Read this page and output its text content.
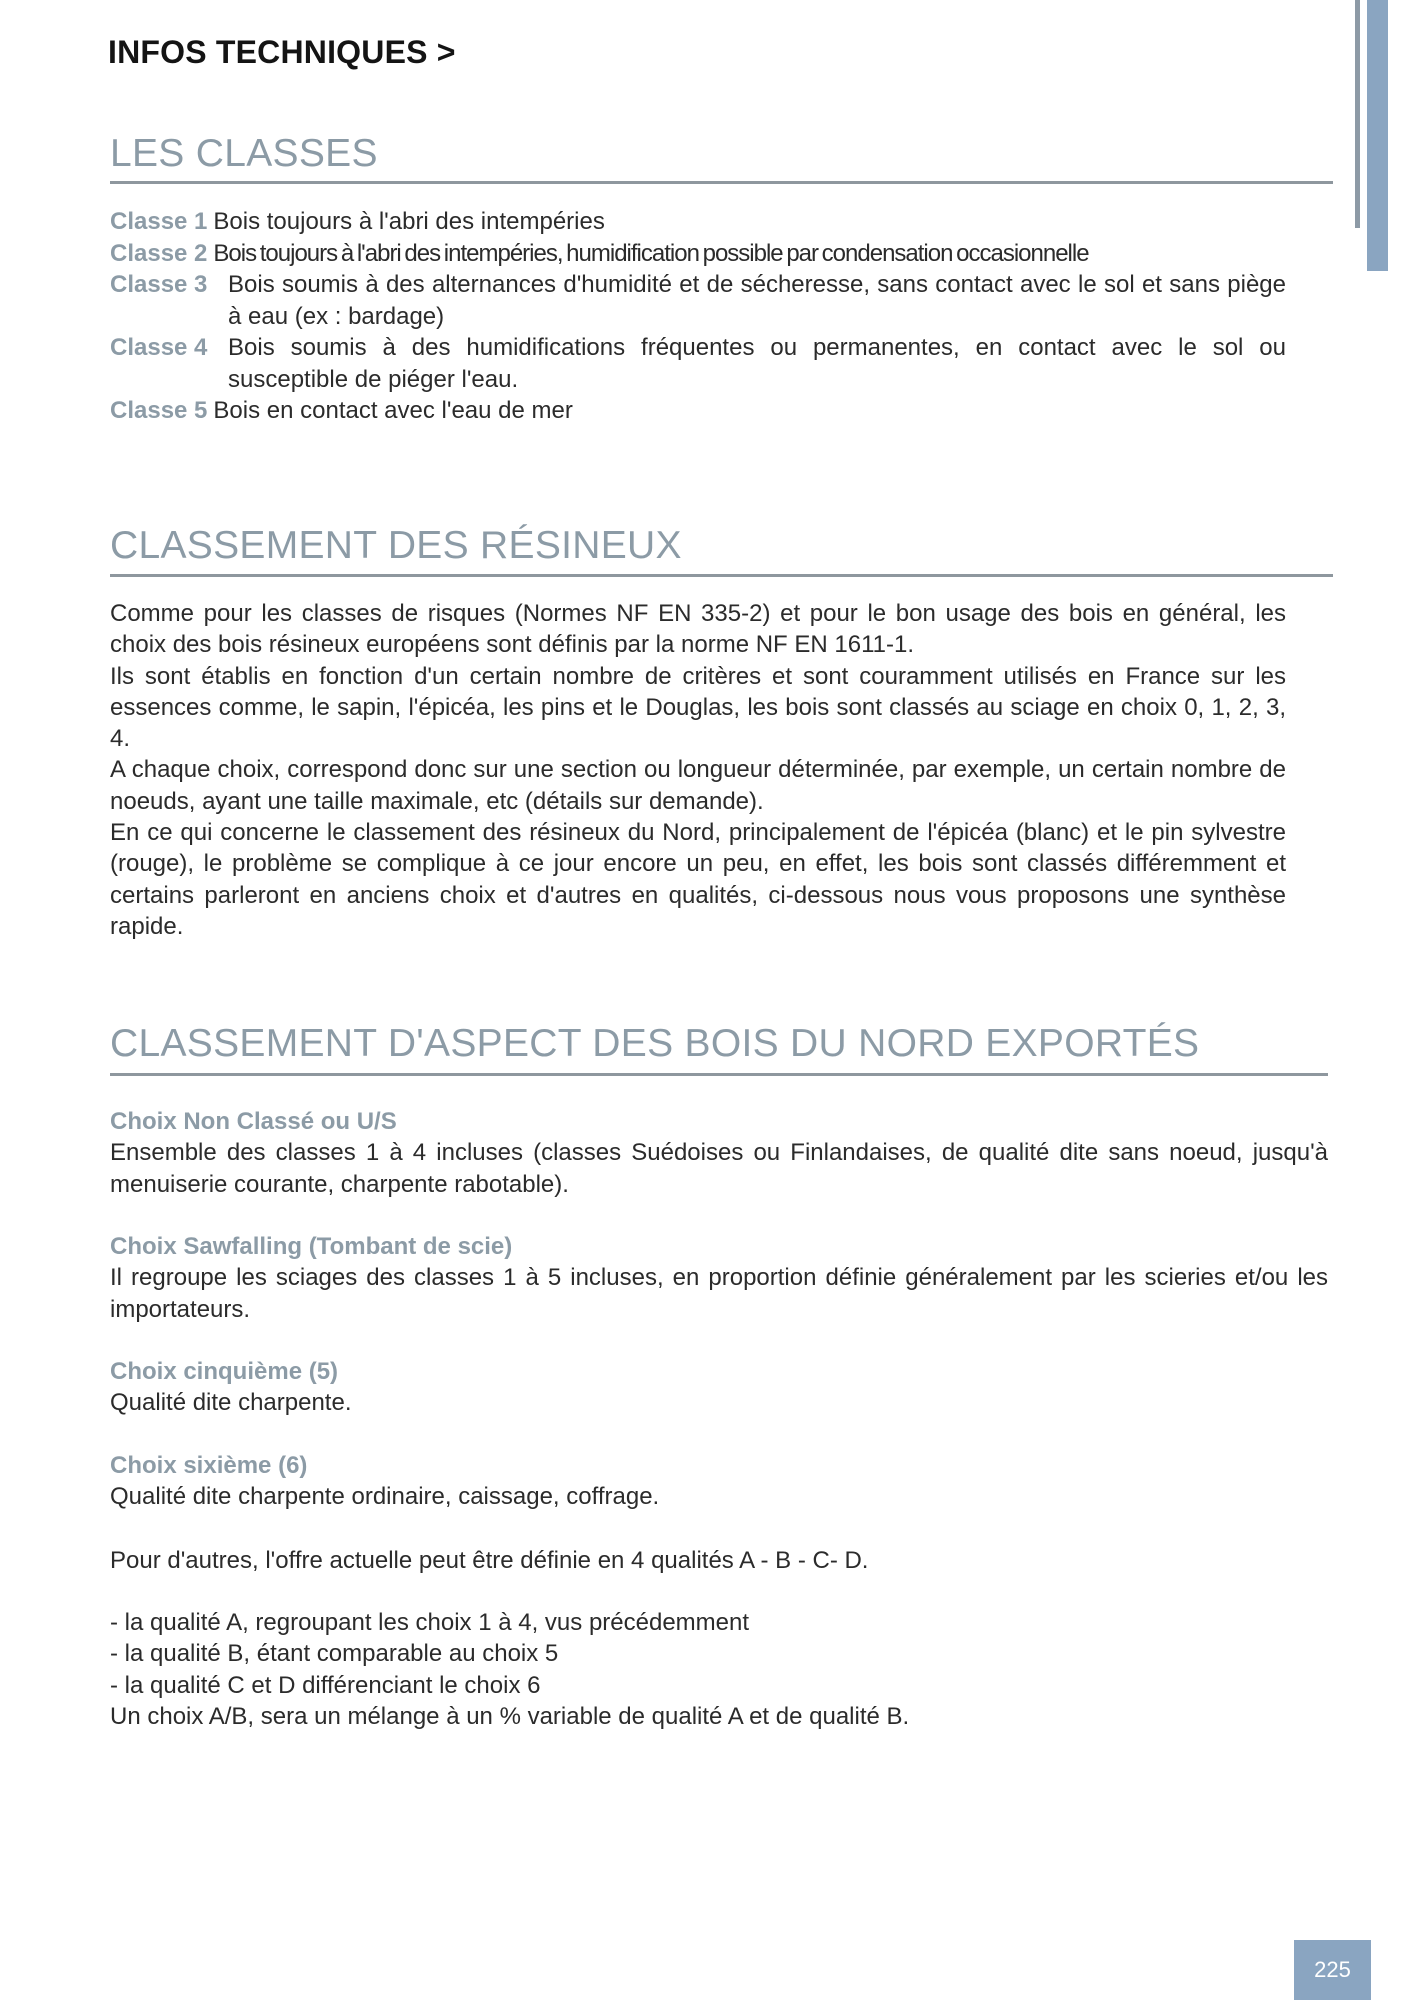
INFOS TECHNIQUES >
LES CLASSES
Classe 1 Bois toujours à l'abri des intempéries
Classe 2 Bois toujours à l'abri des intempéries, humidification possible par condensation occasionnelle
Classe 3 Bois soumis à des alternances d'humidité et de sécheresse, sans contact avec le sol et sans piège à eau (ex : bardage)
Classe 4 Bois soumis à des humidifications fréquentes ou permanentes, en contact avec le sol ou susceptible de piéger l'eau.
Classe 5 Bois en contact avec l'eau de mer
CLASSEMENT DES RÉSINEUX

Comme pour les classes de risques (Normes NF EN 335-2) et pour le bon usage des bois en général, les choix des bois résineux européens sont définis par la norme NF EN 1611-1.

Ils sont établis en fonction d'un certain nombre de critères et sont couramment utilisés en France sur les essences comme, le sapin, l'épicéa, les pins et le Douglas, les bois sont classés au sciage en choix 0, 1, 2, 3, 4.

A chaque choix, correspond donc sur une section ou longueur déterminée, par exemple, un certain nombre de noeuds, ayant une taille maximale, etc (détails sur demande).

En ce qui concerne le classement des résineux du Nord, principalement de l'épicéa (blanc) et le pin sylvestre (rouge), le problème se complique à ce jour encore un peu, en effet, les bois sont classés différemment et certains parleront en anciens choix et d'autres en qualités, ci-dessous nous vous proposons une synthèse rapide.

CLASSEMENT D'ASPECT DES BOIS DU NORD EXPORTÉS
Choix Non Classé ou U/S

Ensemble des classes 1 à 4 incluses (classes Suédoises ou Finlandaises, de qualité dite sans noeud, jusqu'à menuiserie courante, charpente rabotable).

Choix Sawfalling (Tombant de scie)

Il regroupe les sciages des classes 1 à 5 incluses, en proportion définie généralement par les scieries et/ou les importateurs.

Choix cinquième (5)

Qualité dite charpente.

Choix sixième (6)

Qualité dite charpente ordinaire, caissage, coffrage.

Pour d'autres, l'offre actuelle peut être définie en 4 qualités A - B - C- D.

- la qualité A, regroupant les choix 1 à 4, vus précédemment
- la qualité B, étant comparable au choix 5
- la qualité C et D différenciant le choix 6
Un choix A/B, sera un mélange à un % variable de qualité A et de qualité B.
225
